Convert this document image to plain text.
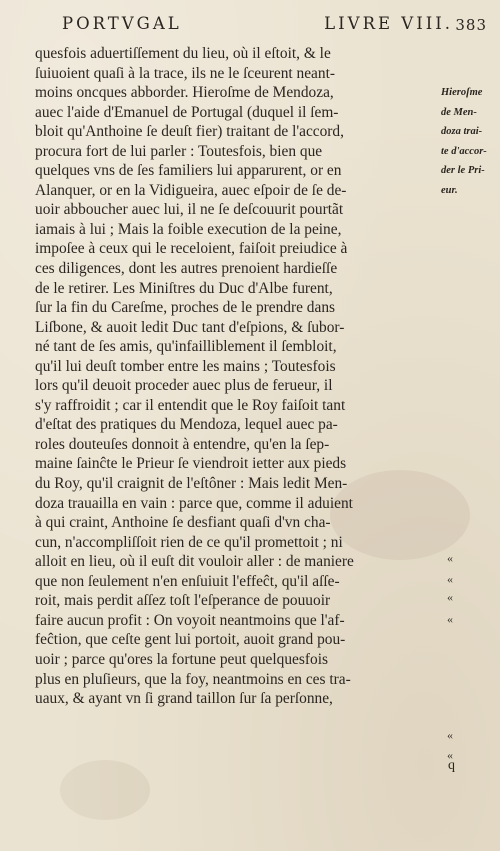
PORTVGAL	LIVRE VIII. 383
quesfois aduertiſſement du lieu, où il eſtoit, & le
ſuiuoient quaſi à la trace, ils ne le ſceurent neant-
moins oncques abborder. Hieroſme de Mendoza,
auec l'aide d'Emanuel de Portugal (duquel il ſem-
bloit qu'Anthoine ſe deuſt fier) traitant de l'accord,
procura fort de lui parler : Toutesfois, bien que
quelques vns de ſes familiers lui apparurent, or en
Alanquer, or en la Vidigueira, auec eſpoir de ſe de-
uoir abboucher auec lui, il ne ſe deſcouurit pourtãt
iamais à lui ; Mais la foible execution de la peine,
impoſee à ceux qui le receloient, faiſoit preiudice à
ces diligences, dont les autres prenoient hardieſſe
de le retirer. Les Miniſtres du Duc d'Albe furent,
ſur la fin du Careſme, proches de le prendre dans
Liſbone, & auoit ledit Duc tant d'eſpions, & ſubor-
né tant de ſes amis, qu'infailliblement il ſembloit,
qu'il lui deuſt tomber entre les mains ; Toutesfois
lors qu'il deuoit proceder auec plus de ferueur, il
s'y raffroidit ; car il entendit que le Roy faiſoit tant
d'eſtat des pratiques du Mendoza, lequel auec pa-
roles douteuſes donnoit à entendre, qu'en la ſep-
maine ſainĉte le Prieur ſe viendroit ietter aux pieds
du Roy, qu'il craignit de l'eſtôner : Mais ledit Men-
doza trauailla en vain : parce que, comme il aduient
à qui craint, Anthoine ſe desfiant quaſi d'vn cha-
cun, n'accompliſſoit rien de ce qu'il promettoit ; ni
alloit en lieu, où il euſt dit vouloir aller : de maniere
que non ſeulement n'en enſuiuit l'effeĉt, qu'il aſſe-
roit, mais perdit aſſez toſt l'eſperance de pouuoir
faire aucun profit : On voyoit neantmoins que l'af-
feĉtion, que ceſte gent lui portoit, auoit grand pou-
uoir ; parce qu'ores la fortune peut quelquesfois
plus en pluſieurs, que la foy, neantmoins en ces tra-
uaux, & ayant vn ſi grand taillon ſur ſa perſonne,
Hieroſme
de Men-
doza trai-
te d'accor-
der le Pri-
eur.
«
«
«
«
«
«
q
